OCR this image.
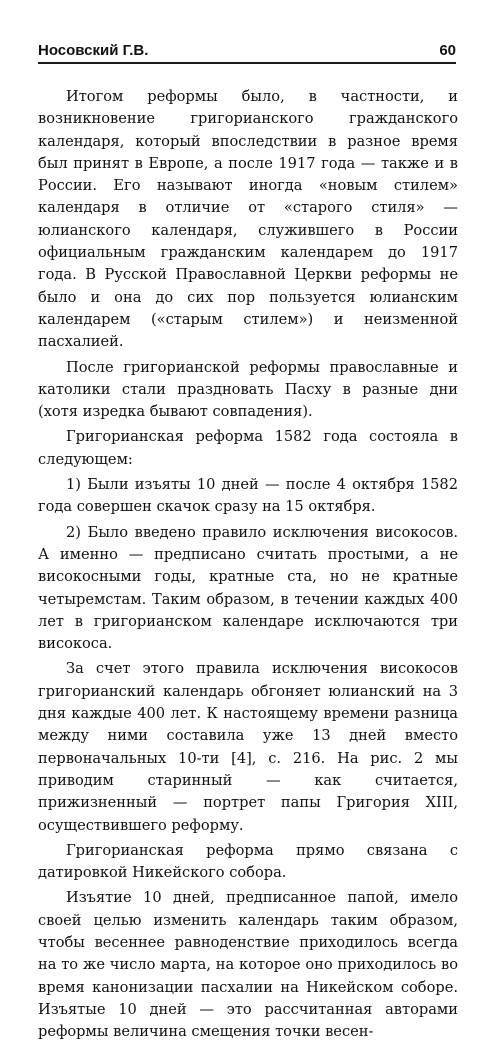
Носовский Г.В.	60

Итогом реформы было, в частности, и возникновение григорианского гражданского календаря, который впоследствии в разное время был принят в Европе, а после 1917 года — также и в России. Его называют иногда «новым стилем» календаря в отличие от «старого стиля» — юлианского календаря, служившего в России официальным гражданским календарем до 1917 года. В Русской Православной Церкви реформы не было и она до сих пор пользуется юлианским календарем («старым стилем») и неизменной пасхалией.

После григорианской реформы православные и католики стали праздновать Пасху в разные дни (хотя изредка бывают совпадения).

Григорианская реформа 1582 года состояла в следующем:

1) Были изъяты 10 дней — после 4 октября 1582 года совершен скачок сразу на 15 октября.

2) Было введено правило исключения високосов. А именно — предписано считать простыми, а не високосными годы, кратные ста, но не кратные четыремстам. Таким образом, в течении каждых 400 лет в григорианском календаре исключаются три високоса.

За счет этого правила исключения високосов григорианский календарь обгоняет юлианский на 3 дня каждые 400 лет. К настоящему времени разница между ними составила уже 13 дней вместо первоначальных 10-ти [4], с. 216. На рис. 2 мы приводим старинный — как считается, прижизненный — портрет папы Григория XIII, осуществившего реформу.

Григорианская реформа прямо связана с датировкой Никейского собора.

Изъятие 10 дней, предписанное папой, имело своей целью изменить календарь таким образом, чтобы весеннее равноденствие приходилось всегда на то же число марта, на которое оно приходилось во время канонизации пасхалии на Никейском соборе. Изъятые 10 дней — это рассчитанная авторами реформы величина смещения точки весен-
